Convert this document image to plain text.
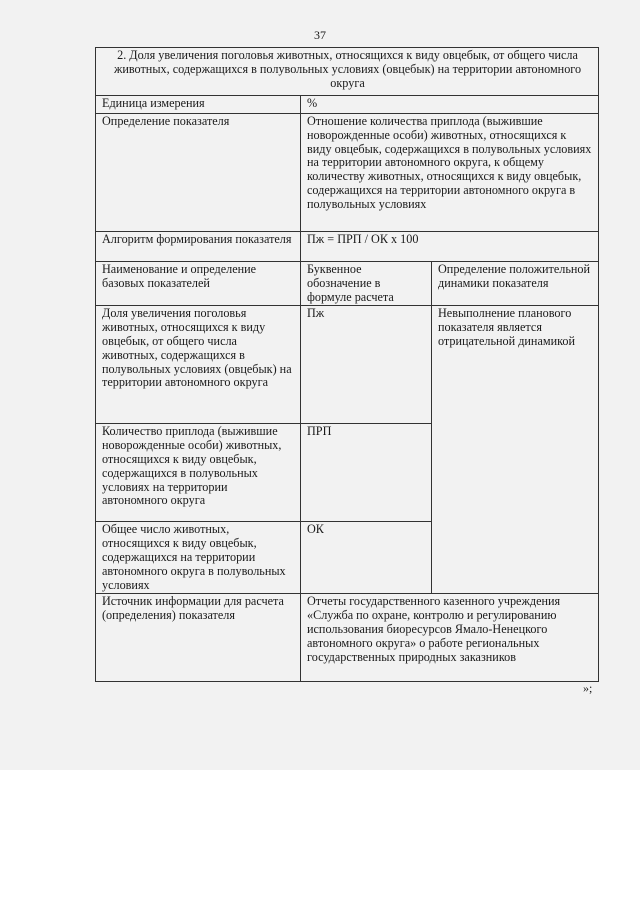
37
2. Доля увеличения поголовья животных, относящихся к виду овцебык, от общего числа животных, содержащихся в полувольных условиях (овцебык) на территории автономного округа		
Единица измерения	%	
Определение показателя	Отношение количества приплода (выжившие новорожденные особи) животных, относящихся к виду овцебык, содержащихся в полувольных условиях на территории автономного округа, к общему количеству животных, относящихся к виду овцебык, содержащихся на территории автономного округа в полувольных условиях	
Алгоритм формирования показателя	Пж = ПРП / ОК x 100	
Наименование и определение базовых показателей	Буквенное обозначение в формуле расчета	Определение положительной динамики показателя
Доля увеличения поголовья животных, относящихся к виду овцебык, от общего числа животных, содержащихся в полувольных условиях (овцебык) на территории автономного округа	Пж	Невыполнение планового показателя является отрицательной динамикой
Количество приплода (выжившие новорожденные особи) животных, относящихся к виду овцебык, содержащихся в полувольных условиях на территории автономного округа	ПРП	
Общее число животных, относящихся к виду овцебык, содержащихся на территории автономного округа в полувольных условиях	ОК	
Источник информации для расчета (определения) показателя	Отчеты государственного казенного учреждения «Служба по охране, контролю и регулированию использования биоресурсов Ямало-Ненецкого автономного округа» о работе региональных государственных природных заказников	
»;
